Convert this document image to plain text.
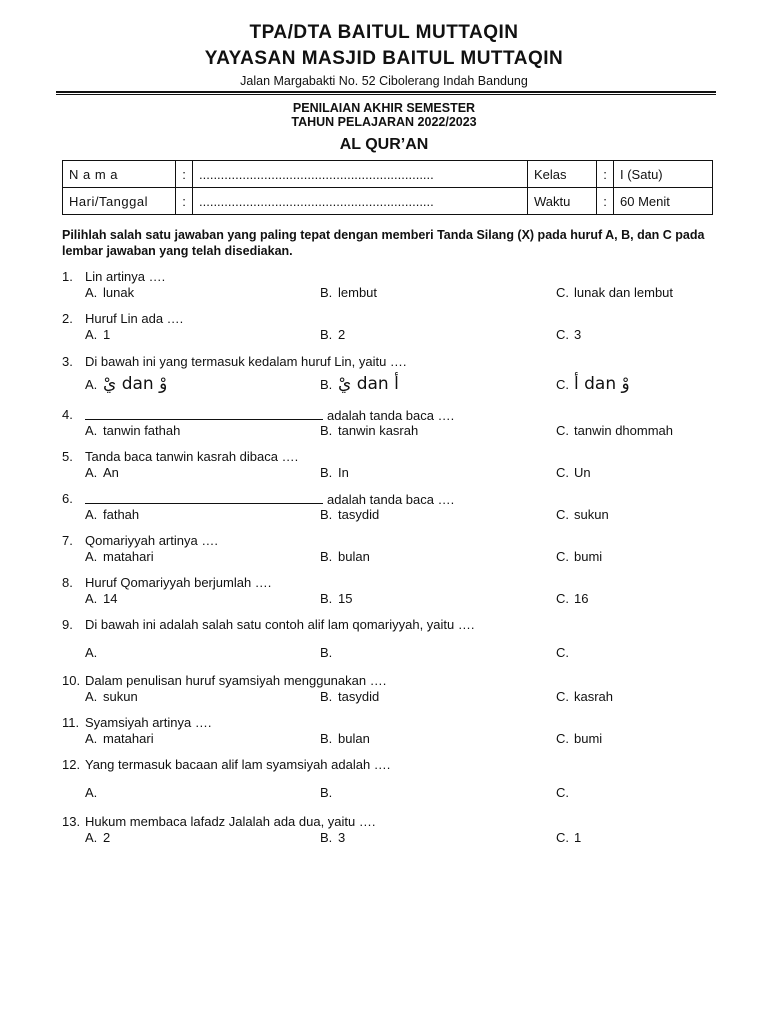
TPA/DTA BAITUL MUTTAQIN
YAYASAN MASJID BAITUL MUTTAQIN
Jalan Margabakti No. 52 Cibolerang Indah Bandung
PENILAIAN AKHIR SEMESTER
TAHUN PELAJARAN 2022/2023
AL QUR’AN
N a m a	:	.................................................................	Kelas	:	I (Satu)
Hari/Tanggal	:	.................................................................	Waktu	:	60 Menit
Pilihlah salah satu jawaban yang paling tepat dengan memberi Tanda Silang (X) pada huruf A, B, dan C pada lembar jawaban yang telah disediakan.
1. Lin artinya ….
A. lunak	B. lembut	C. lunak dan lembut
2. Huruf Lin ada ….
A. 1	B. 2	C. 3
3. Di bawah ini yang termasuk kedalam huruf Lin, yaitu ….
A. يْ dan وْ	B. يْ dan أ	C. أ dan وْ
4.	adalah tanda baca ….
A. tanwin fathah	B. tanwin kasrah	C. tanwin dhommah
5. Tanda baca tanwin kasrah dibaca ….
A. An	B. In	C. Un
6.	adalah tanda baca ….
A. fathah	B. tasydid	C. sukun
7. Qomariyyah artinya ….
A. matahari	B. bulan	C. bumi
8. Huruf Qomariyyah berjumlah ….
A. 14	B. 15	C. 16
9. Di bawah ini adalah salah satu contoh alif lam qomariyyah, yaitu ….
A.	B.	C.
10. Dalam penulisan huruf syamsiyah menggunakan ….
A. sukun	B. tasydid	C. kasrah
11. Syamsiyah artinya ….
A. matahari	B. bulan	C. bumi
12. Yang termasuk bacaan alif lam syamsiyah adalah ….
A.	B.	C.
13. Hukum membaca lafadz Jalalah ada dua, yaitu ….
A. 2	B. 3	C. 1
